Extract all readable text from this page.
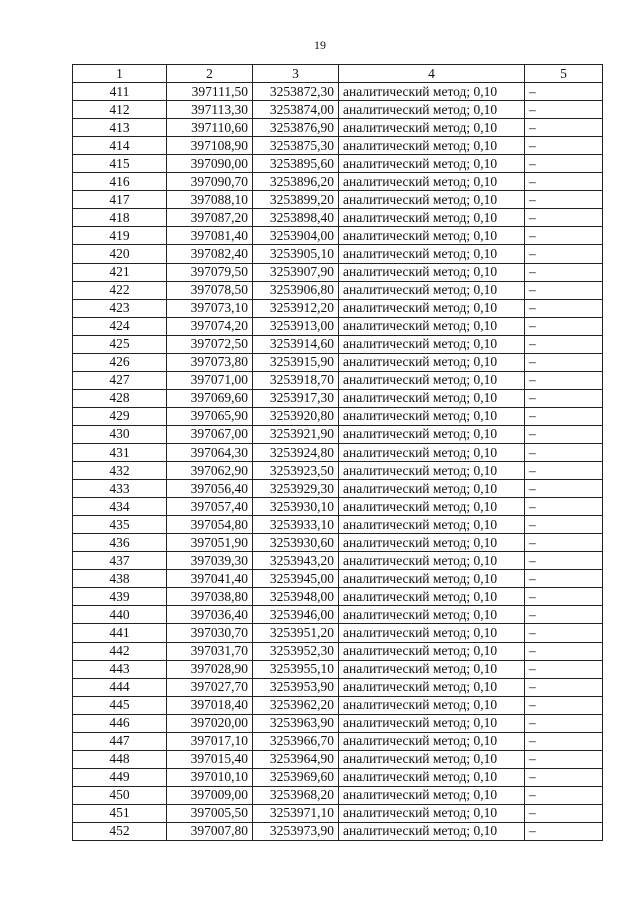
19
1	2	3	4	5
411	397111,50	3253872,30	аналитический метод; 0,10	–
412	397113,30	3253874,00	аналитический метод; 0,10	–
413	397110,60	3253876,90	аналитический метод; 0,10	–
414	397108,90	3253875,30	аналитический метод; 0,10	–
415	397090,00	3253895,60	аналитический метод; 0,10	–
416	397090,70	3253896,20	аналитический метод; 0,10	–
417	397088,10	3253899,20	аналитический метод; 0,10	–
418	397087,20	3253898,40	аналитический метод; 0,10	–
419	397081,40	3253904,00	аналитический метод; 0,10	–
420	397082,40	3253905,10	аналитический метод; 0,10	–
421	397079,50	3253907,90	аналитический метод; 0,10	–
422	397078,50	3253906,80	аналитический метод; 0,10	–
423	397073,10	3253912,20	аналитический метод; 0,10	–
424	397074,20	3253913,00	аналитический метод; 0,10	–
425	397072,50	3253914,60	аналитический метод; 0,10	–
426	397073,80	3253915,90	аналитический метод; 0,10	–
427	397071,00	3253918,70	аналитический метод; 0,10	–
428	397069,60	3253917,30	аналитический метод; 0,10	–
429	397065,90	3253920,80	аналитический метод; 0,10	–
430	397067,00	3253921,90	аналитический метод; 0,10	–
431	397064,30	3253924,80	аналитический метод; 0,10	–
432	397062,90	3253923,50	аналитический метод; 0,10	–
433	397056,40	3253929,30	аналитический метод; 0,10	–
434	397057,40	3253930,10	аналитический метод; 0,10	–
435	397054,80	3253933,10	аналитический метод; 0,10	–
436	397051,90	3253930,60	аналитический метод; 0,10	–
437	397039,30	3253943,20	аналитический метод; 0,10	–
438	397041,40	3253945,00	аналитический метод; 0,10	–
439	397038,80	3253948,00	аналитический метод; 0,10	–
440	397036,40	3253946,00	аналитический метод; 0,10	–
441	397030,70	3253951,20	аналитический метод; 0,10	–
442	397031,70	3253952,30	аналитический метод; 0,10	–
443	397028,90	3253955,10	аналитический метод; 0,10	–
444	397027,70	3253953,90	аналитический метод; 0,10	–
445	397018,40	3253962,20	аналитический метод; 0,10	–
446	397020,00	3253963,90	аналитический метод; 0,10	–
447	397017,10	3253966,70	аналитический метод; 0,10	–
448	397015,40	3253964,90	аналитический метод; 0,10	–
449	397010,10	3253969,60	аналитический метод; 0,10	–
450	397009,00	3253968,20	аналитический метод; 0,10	–
451	397005,50	3253971,10	аналитический метод; 0,10	–
452	397007,80	3253973,90	аналитический метод; 0,10	–
